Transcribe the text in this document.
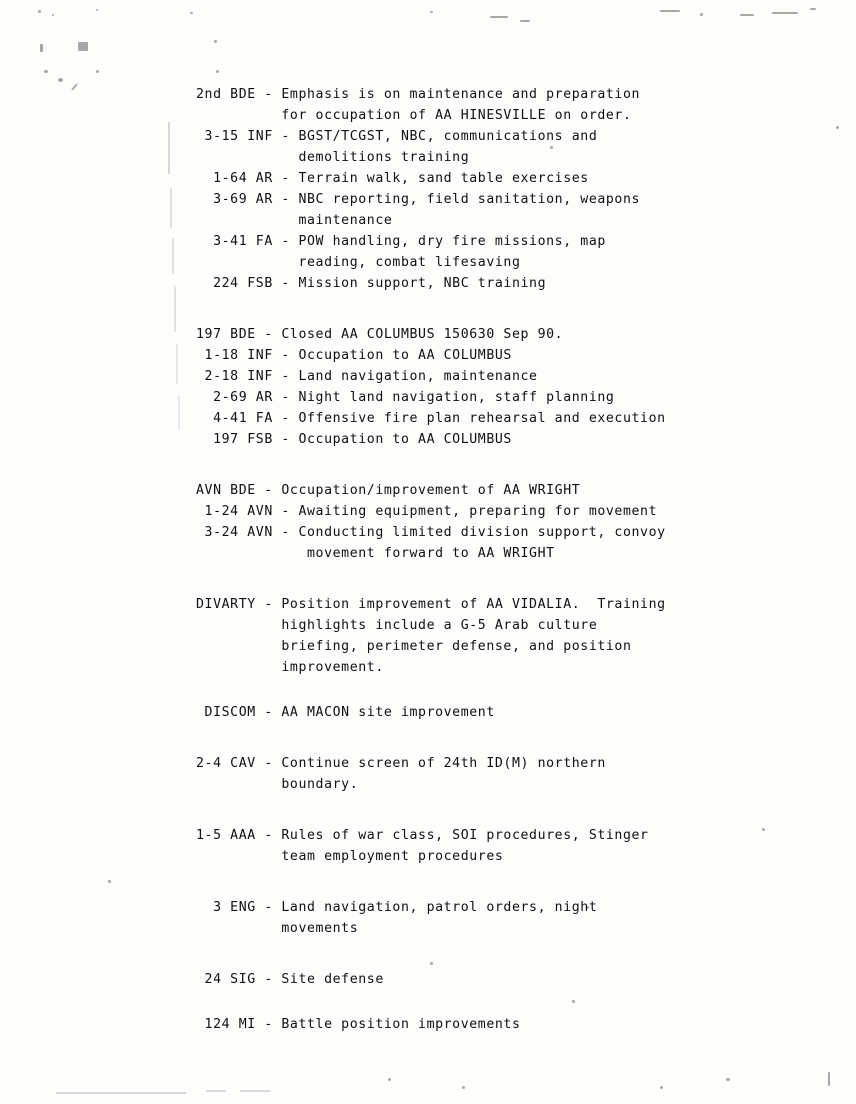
2nd BDE - Emphasis is on maintenance and preparation
for occupation of AA HINESVILLE on order.
3-15 INF - BGST/TCGST, NBC, communications and
demolitions training
1-64 AR - Terrain walk, sand table exercises
3-69 AR - NBC reporting, field sanitation, weapons
maintenance
3-41 FA - POW handling, dry fire missions, map
reading, combat lifesaving
224 FSB - Mission support, NBC training
197 BDE - Closed AA COLUMBUS 150630 Sep 90.
1-18 INF - Occupation to AA COLUMBUS
2-18 INF - Land navigation, maintenance
2-69 AR - Night land navigation, staff planning
4-41 FA - Offensive fire plan rehearsal and execution
197 FSB - Occupation to AA COLUMBUS
AVN BDE - Occupation/improvement of AA WRIGHT
1-24 AVN - Awaiting equipment, preparing for movement
3-24 AVN - Conducting limited division support, convoy
movement forward to AA WRIGHT
DIVARTY - Position improvement of AA VIDALIA.  Training
highlights include a G-5 Arab culture
briefing, perimeter defense, and position
improvement.
DISCOM - AA MACON site improvement
2-4 CAV - Continue screen of 24th ID(M) northern
boundary.
1-5 AAA - Rules of war class, SOI procedures, Stinger
team employment procedures
3 ENG - Land navigation, patrol orders, night
movements
24 SIG - Site defense
124 MI - Battle position improvements
